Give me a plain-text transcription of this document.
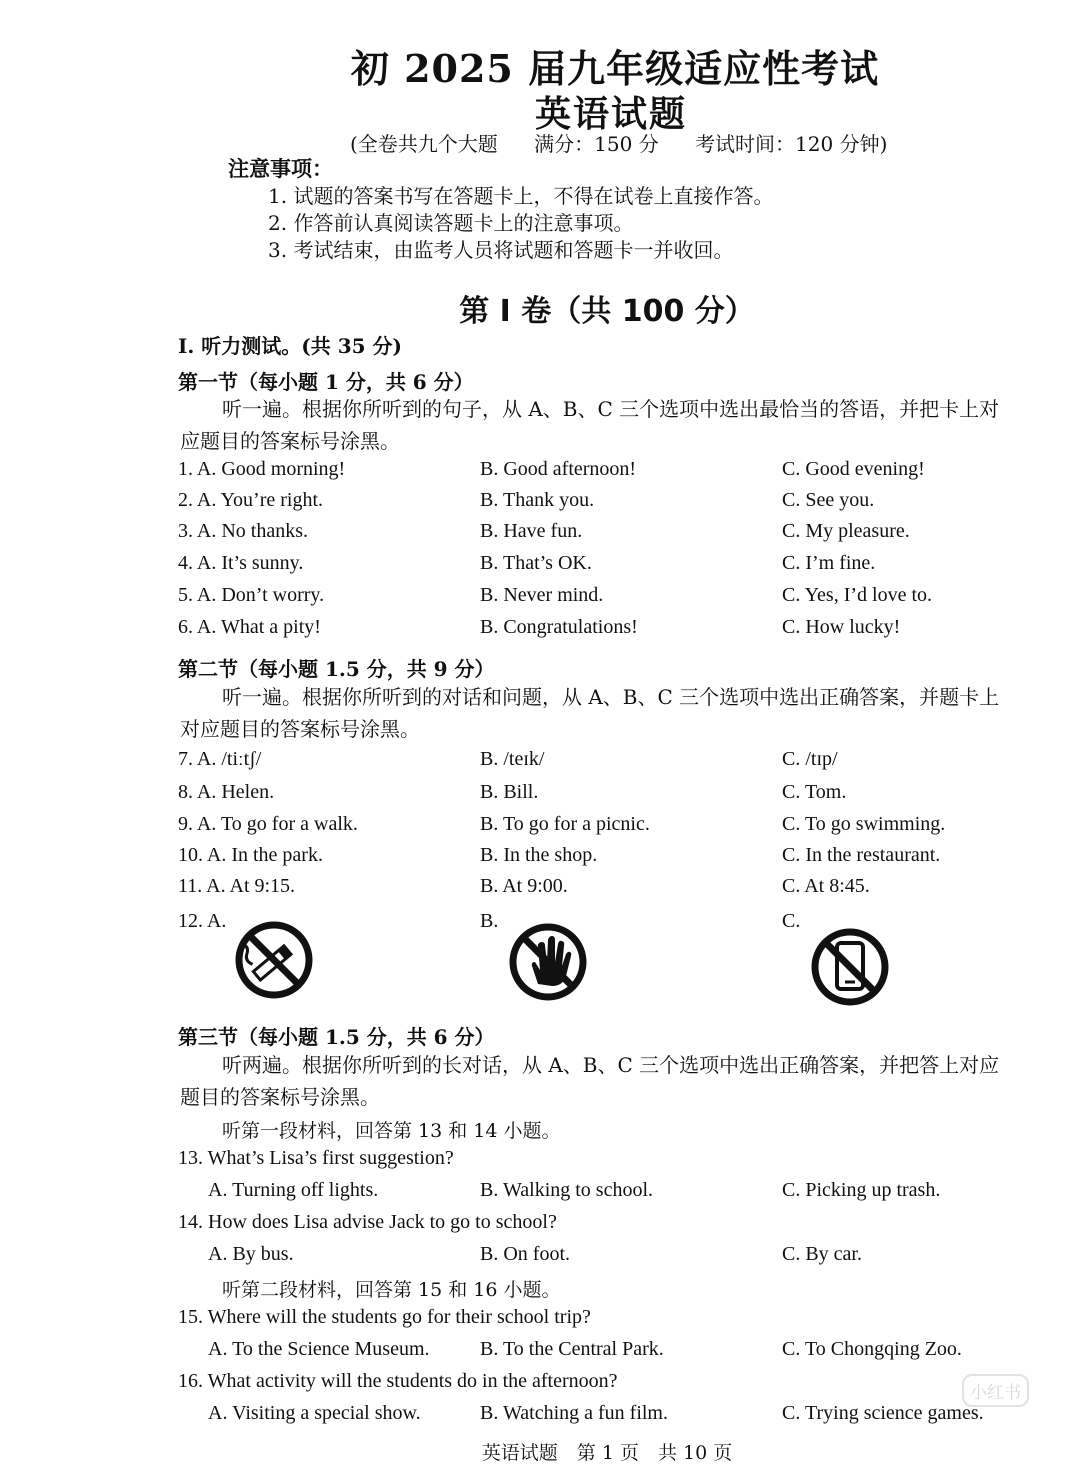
初 2025 届九年级适应性考试
英语试题
(全卷共九个大题 满分：150 分 考试时间：120 分钟)
注意事项：
1. 试题的答案书写在答题卡上，不得在试卷上直接作答。
2. 作答前认真阅读答题卡上的注意事项。
3. 考试结束，由监考人员将试题和答题卡一并收回。
第 I 卷（共 100 分）
I. 听力测试。(共 35 分)
第一节（每小题 1 分，共 6 分）
听一遍。根据你所听到的句子，从 A、B、C 三个选项中选出最恰当的答语，并把卡上对应题目的答案标号涂黑。
1. A. Good morning!	B. Good afternoon!	C. Good evening!
2. A. You’re right.	B. Thank you.	C. See you.
3. A. No thanks.	B. Have fun.	C. My pleasure.
4. A. It’s sunny.	B. That’s OK.	C. I’m fine.
5. A. Don’t worry.	B. Never mind.	C. Yes, I’d love to.
6. A. What a pity!	B. Congratulations!	C. How lucky!
第二节（每小题 1.5 分，共 9 分）
听一遍。根据你所听到的对话和问题，从 A、B、C 三个选项中选出正确答案，并题卡上对应题目的答案标号涂黑。
7. A. /tiːtʃ/	B. /teɪk/	C. /tɪp/
8. A. Helen.	B. Bill.	C. Tom.
9. A. To go for a walk.	B. To go for a picnic.	C. To go swimming.
10. A. In the park.	B. In the shop.	C. In the restaurant.
11. A. At 9:15.	B. At 9:00.	C. At 8:45.
12. A.	B.	C.
第三节（每小题 1.5 分，共 6 分）
听两遍。根据你所听到的长对话，从 A、B、C 三个选项中选出正确答案，并把答上对应题目的答案标号涂黑。
听第一段材料，回答第 13 和 14 小题。
13. What’s Lisa’s first suggestion?
A. Turning off lights.	B. Walking to school.	C. Picking up trash.
14. How does Lisa advise Jack to go to school?
A. By bus.	B. On foot.	C. By car.
听第二段材料，回答第 15 和 16 小题。
15. Where will the students go for their school trip?
A. To the Science Museum.	B. To the Central Park.	C. To Chongqing Zoo.
16. What activity will the students do in the afternoon?
A. Visiting a special show.	B. Watching a fun film.	C. Trying science games.
小红书
英语试题　第 1 页　共 10 页
